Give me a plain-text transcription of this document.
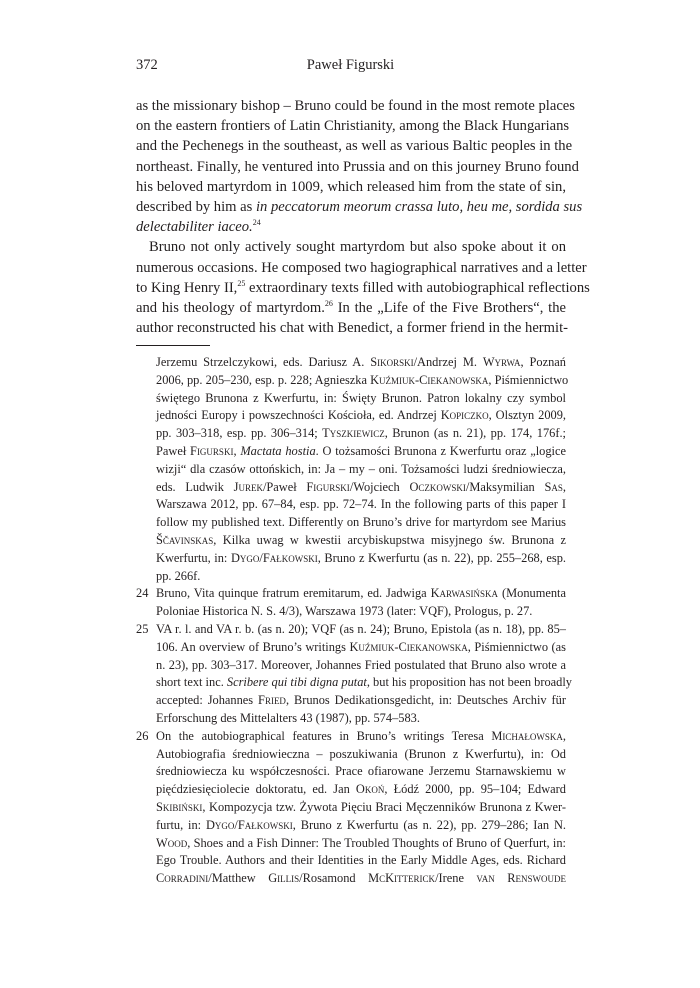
372	Paweł Figurski

as the missionary bishop – Bruno could be found in the most remote places
on the eastern frontiers of Latin Christianity, among the Black Hungarians
and the Pechenegs in the southeast, as well as various Baltic peoples in the
northeast. Finally, he ventured into Prussia and on this journey Bruno found
his beloved martyrdom in 1009, which released him from the state of sin,
described by him as in peccatorum meorum crassa luto, heu me, sordida sus
delectabiliter iaceo.$^{24}$

Bruno not only actively sought martyrdom but also spoke about it on
numerous occasions. He composed two hagiographical narratives and a letter
to King Henry II,$^{25}$ extraordinary texts filled with autobiographical reflections
and his theology of martyrdom.$^{26}$ In the „Life of the Five Brothers“, the
author reconstructed his chat with Benedict, a former friend in the hermit-

Jerzemu Strzelczykowi, eds. Dariusz A. Sikorski/Andrzej M. Wyrwa, Poznań
2006, pp. 205–230, esp. p. 228; Agnieszka Kuźmiuk-Ciekanowska, Piśmiennictwo
świętego Brunona z Kwerfurtu, in: Święty Brunon. Patron lokalny czy symbol
jedności Europy i powszechności Kościoła, ed. Andrzej Kopiczko, Olsztyn 2009,
pp. 303–318, esp. pp. 306–314; Tyszkiewicz, Brunon (as n. 21), pp. 174, 176f.;
Paweł Figurski, Mactata hostia. O tożsamości Brunona z Kwerfurtu oraz „logice
wizji“ dla czasów ottońskich, in: Ja – my – oni. Tożsamości ludzi średniowiecza,
eds. Ludwik Jurek/Paweł Figurski/Wojciech Oczkowski/Maksymilian Sas,
Warszawa 2012, pp. 67–84, esp. pp. 72–74. In the following parts of this paper I
follow my published text. Differently on Bruno’s drive for martyrdom see Marius
Ščavinskas, Kilka uwag w kwestii arcybiskupstwa misyjnego św. Brunona z
Kwerfurtu, in: Dygo/Fałkowski, Bruno z Kwerfurtu (as n. 22), pp. 255–268, esp.
pp. 266f.
24 Bruno, Vita quinque fratrum eremitarum, ed. Jadwiga Karwasińska (Monumenta
Poloniae Historica N. S. 4/3), Warszawa 1973 (later: VQF), Prologus, p. 27.
25 VA r. l. and VA r. b. (as n. 20); VQF (as n. 24); Bruno, Epistola (as n. 18), pp. 85–
106. An overview of Bruno’s writings Kuźmiuk-Ciekanowska, Piśmiennictwo (as
n. 23), pp. 303–317. Moreover, Johannes Fried postulated that Bruno also wrote a
short text inc. Scribere qui tibi digna putat, but his proposition has not been broadly
accepted: Johannes Fried, Brunos Dedikationsgedicht, in: Deutsches Archiv für
Erforschung des Mittelalters 43 (1987), pp. 574–583.
26 On the autobiographical features in Bruno’s writings Teresa Michałowska,
Autobiografia średniowieczna – poszukiwania (Brunon z Kwerfurtu), in: Od
średniowiecza ku współczesności. Prace ofiarowane Jerzemu Starnawskiemu w
pięćdziesięciolecie doktoratu, ed. Jan Okoń, Łódź 2000, pp. 95–104; Edward
Skibiński, Kompozycja tzw. Żywota Pięciu Braci Męczenników Brunona z Kwer-
furtu, in: Dygo/Fałkowski, Bruno z Kwerfurtu (as n. 22), pp. 279–286; Ian N.
Wood, Shoes and a Fish Dinner: The Troubled Thoughts of Bruno of Querfurt, in:
Ego Trouble. Authors and their Identities in the Early Middle Ages, eds. Richard
Corradini/Matthew Gillis/Rosamond McKitterick/Irene van Renswoude
